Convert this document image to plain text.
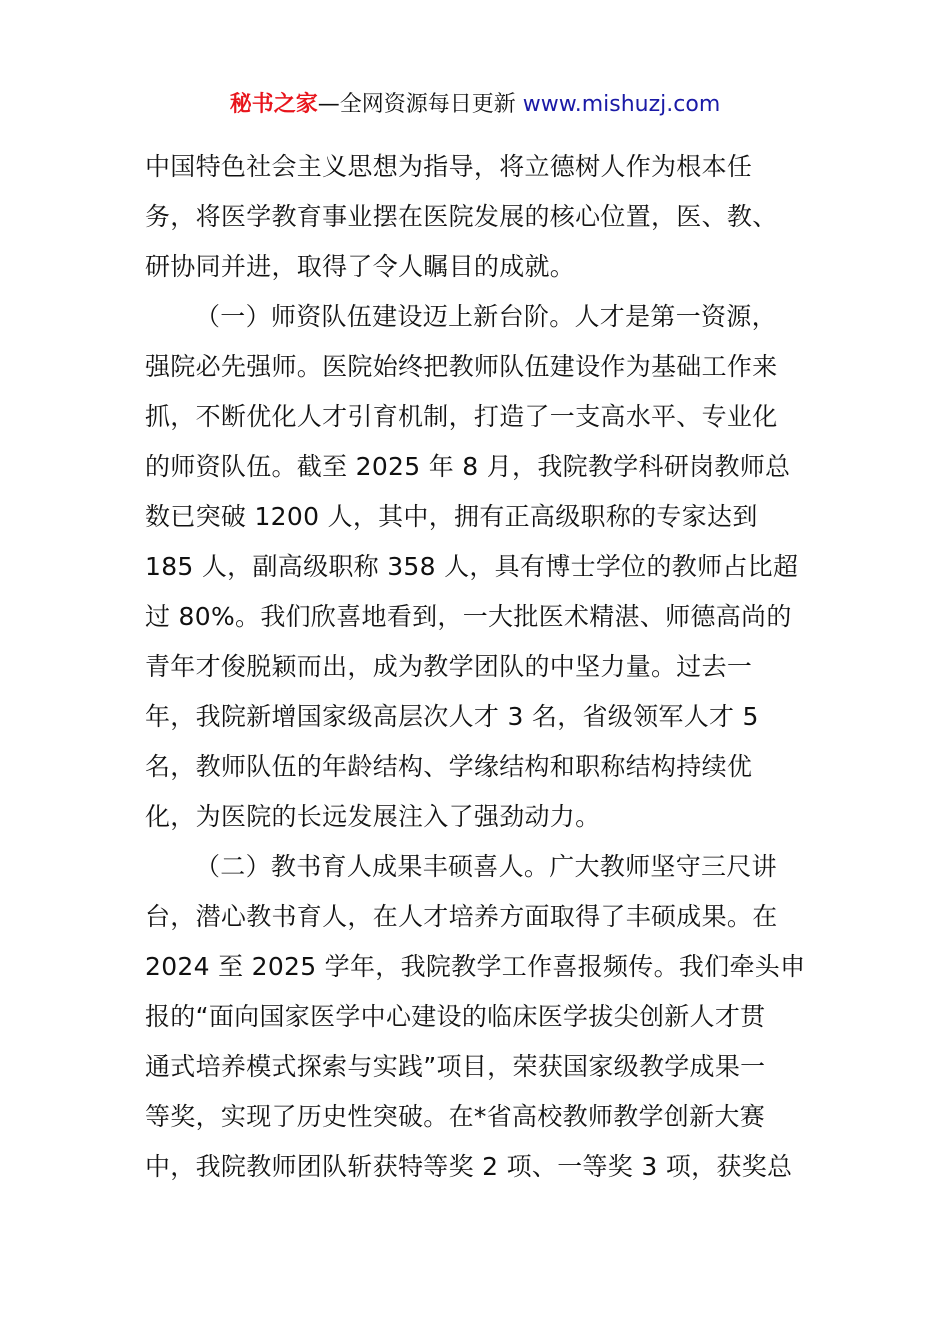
秘书之家—全网资源每日更新 www.mishuzj.com
中国特色社会主义思想为指导，将立德树人作为根本任
务，将医学教育事业摆在医院发展的核心位置，医、教、
研协同并进，取得了令人瞩目的成就。
（一）师资队伍建设迈上新台阶。人才是第一资源，
强院必先强师。医院始终把教师队伍建设作为基础工作来
抓，不断优化人才引育机制，打造了一支高水平、专业化
的师资队伍。截至 2025 年 8 月，我院教学科研岗教师总
数已突破 1200 人，其中，拥有正高级职称的专家达到
185 人，副高级职称 358 人，具有博士学位的教师占比超
过 80%。我们欣喜地看到，一大批医术精湛、师德高尚的
青年才俊脱颖而出，成为教学团队的中坚力量。过去一
年，我院新增国家级高层次人才 3 名，省级领军人才 5
名，教师队伍的年龄结构、学缘结构和职称结构持续优
化，为医院的长远发展注入了强劲动力。
（二）教书育人成果丰硕喜人。广大教师坚守三尺讲
台，潜心教书育人，在人才培养方面取得了丰硕成果。在
2024 至 2025 学年，我院教学工作喜报频传。我们牵头申
报的“面向国家医学中心建设的临床医学拔尖创新人才贯
通式培养模式探索与实践”项目，荣获国家级教学成果一
等奖，实现了历史性突破。在*省高校教师教学创新大赛
中，我院教师团队斩获特等奖 2 项、一等奖 3 项，获奖总
